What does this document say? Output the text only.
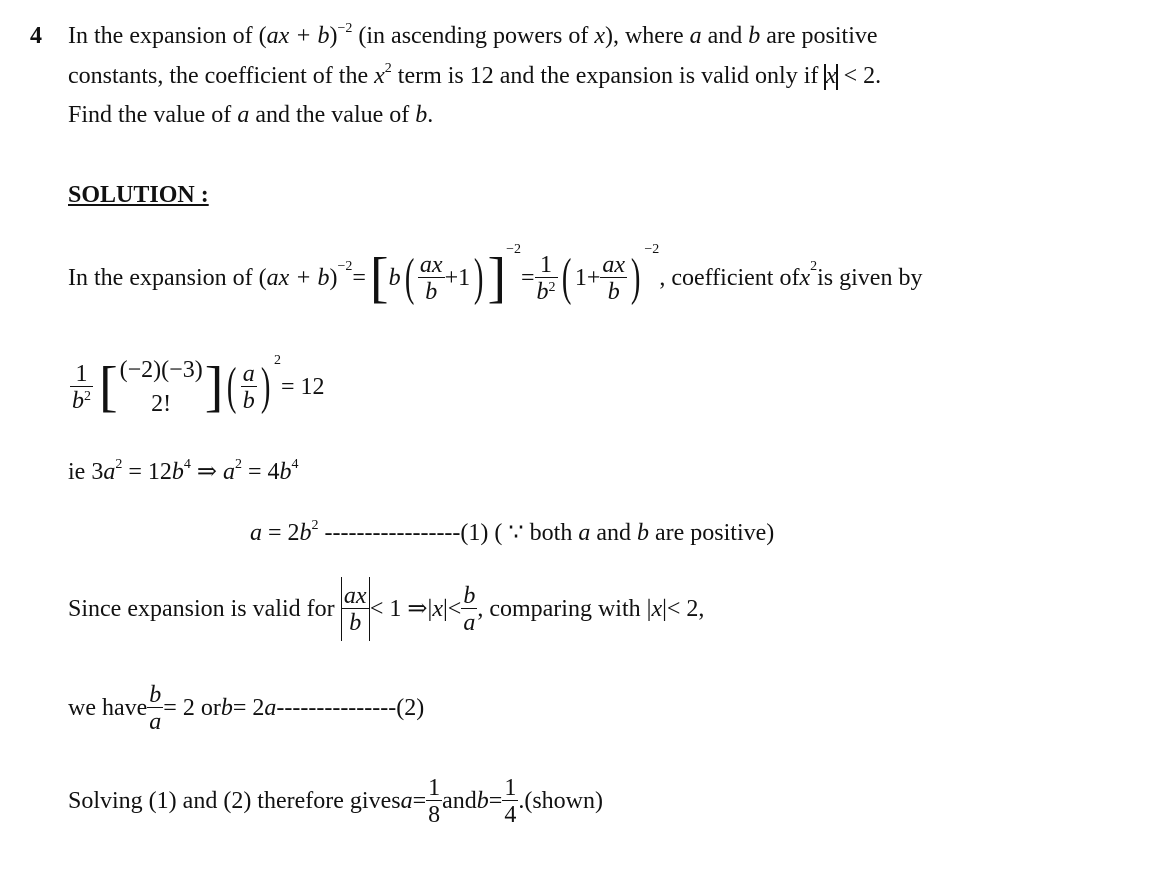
4 In the expansion of (ax + b)$^{-2}$ (in ascending powers of x), where a and b are positive
constants, the coefficient of the $x^2$ term is 12 and the expansion is valid only if x < 2.
Find the value of a and the value of b.
SOLUTION :
In the expansion of ( ax + b ) −2 = [ b ( $\frac{ax}{b} +1$ ) ] −2
= $\frac{1}{b^2}$ ( $1+ \frac{ax}{b}$ ) −2
, coefficient of x 2 is given by
$\frac{1}{b^2}$ [ (−2)(−3)
2! ] ( $\frac{a}{b}$ ) 2
= 12
ie $3a^2 = 12b^4$ ⇒ $a^2 = 4b^4$
$a = 2b^2$ -----------------(1) ( ∵ both a and b are positive)
Since expansion is valid for $\frac{ax}{b} < 1$ ⇒| x |< $\frac{b}{a}$ , comparing with | x |< 2,
we have $\frac{b}{a} = 2$ or b = 2 a ---------------(2)
Solving (1) and (2) therefore gives $a = \frac{1}{8}$ and $b = \frac{1}{4}$ . (shown)
